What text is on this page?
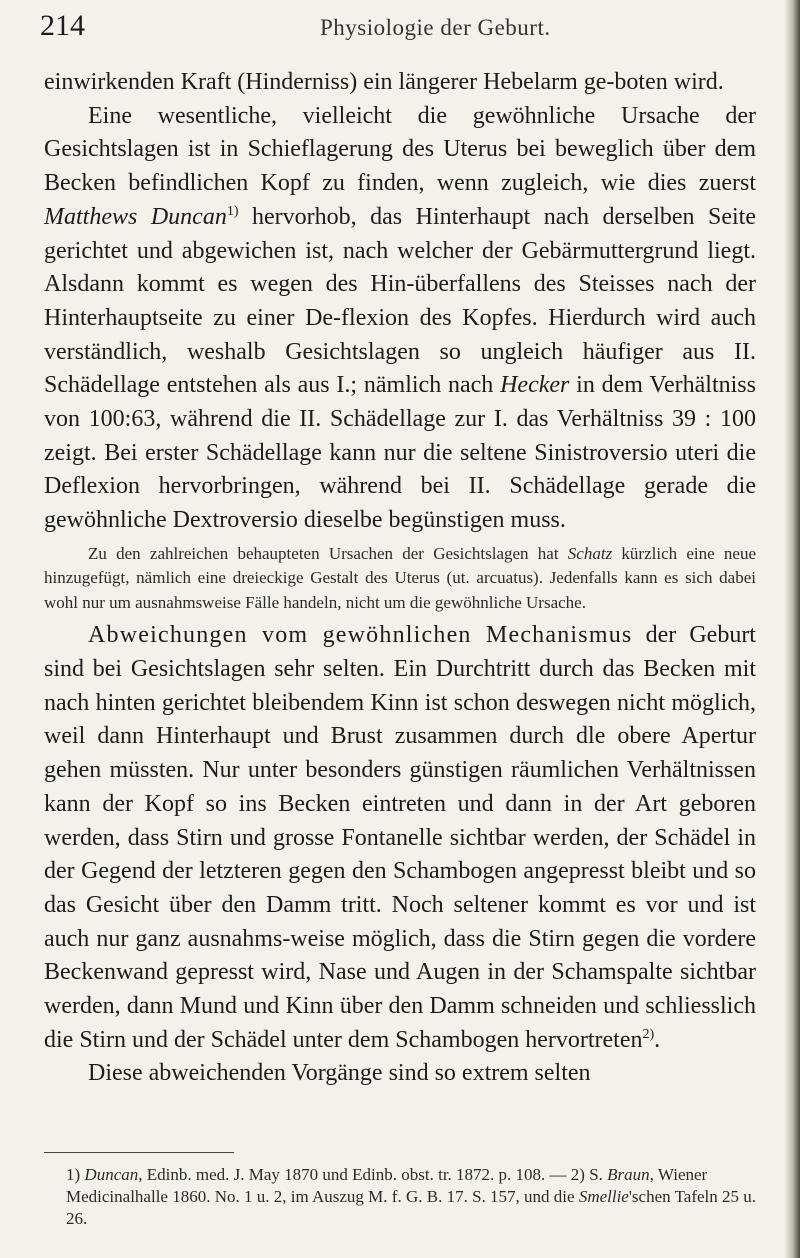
214	Physiologie der Geburt.

einwirkenden Kraft (Hinderniss) ein längerer Hebelarm ge-boten wird.

Eine wesentliche, vielleicht die gewöhnliche Ursache der Gesichtslagen ist in Schieflagerung des Uterus bei beweglich über dem Becken befindlichen Kopf zu finden, wenn zugleich, wie dies zuerst Matthews Duncan$^{1)}$ hervorhob, das Hinterhaupt nach derselben Seite gerichtet und abgewichen ist, nach welcher der Gebärmuttergrund liegt. Alsdann kommt es wegen des Hin-überfallens des Steisses nach der Hinterhauptseite zu einer De-flexion des Kopfes. Hierdurch wird auch verständlich, weshalb Gesichtslagen so ungleich häufiger aus II. Schädellage entstehen als aus I.; nämlich nach Hecker in dem Verhältniss von 100:63, während die II. Schädellage zur I. das Verhältniss 39 : 100 zeigt. Bei erster Schädellage kann nur die seltene Sinistroversio uteri die Deflexion hervorbringen, während bei II. Schädellage gerade die gewöhnliche Dextroversio dieselbe begünstigen muss.

Zu den zahlreichen behaupteten Ursachen der Gesichtslagen hat Schatz kürzlich eine neue hinzugefügt, nämlich eine dreieckige Gestalt des Uterus (ut. arcuatus). Jedenfalls kann es sich dabei wohl nur um ausnahmsweise Fälle handeln, nicht um die gewöhnliche Ursache.

Abweichungen vom gewöhnlichen Mechanismus der Geburt sind bei Gesichtslagen sehr selten. Ein Durchtritt durch das Becken mit nach hinten gerichtet bleibendem Kinn ist schon deswegen nicht möglich, weil dann Hinterhaupt und Brust zusammen durch dle obere Apertur gehen müssten. Nur unter besonders günstigen räumlichen Verhältnissen kann der Kopf so ins Becken eintreten und dann in der Art geboren werden, dass Stirn und grosse Fontanelle sichtbar werden, der Schädel in der Gegend der letzteren gegen den Schambogen angepresst bleibt und so das Gesicht über den Damm tritt. Noch seltener kommt es vor und ist auch nur ganz ausnahms-weise möglich, dass die Stirn gegen die vordere Beckenwand gepresst wird, Nase und Augen in der Schamspalte sichtbar werden, dann Mund und Kinn über den Damm schneiden und schliesslich die Stirn und der Schädel unter dem Schambogen hervortreten$^{2)}$.

Diese abweichenden Vorgänge sind so extrem selten

1) Duncan, Edinb. med. J. May 1870 und Edinb. obst. tr. 1872. p. 108. — 2) S. Braun, Wiener Medicinalhalle 1860. No. 1 u. 2, im Auszug M. f. G. B. 17. S. 157, und die Smellie'schen Tafeln 25 u. 26.
